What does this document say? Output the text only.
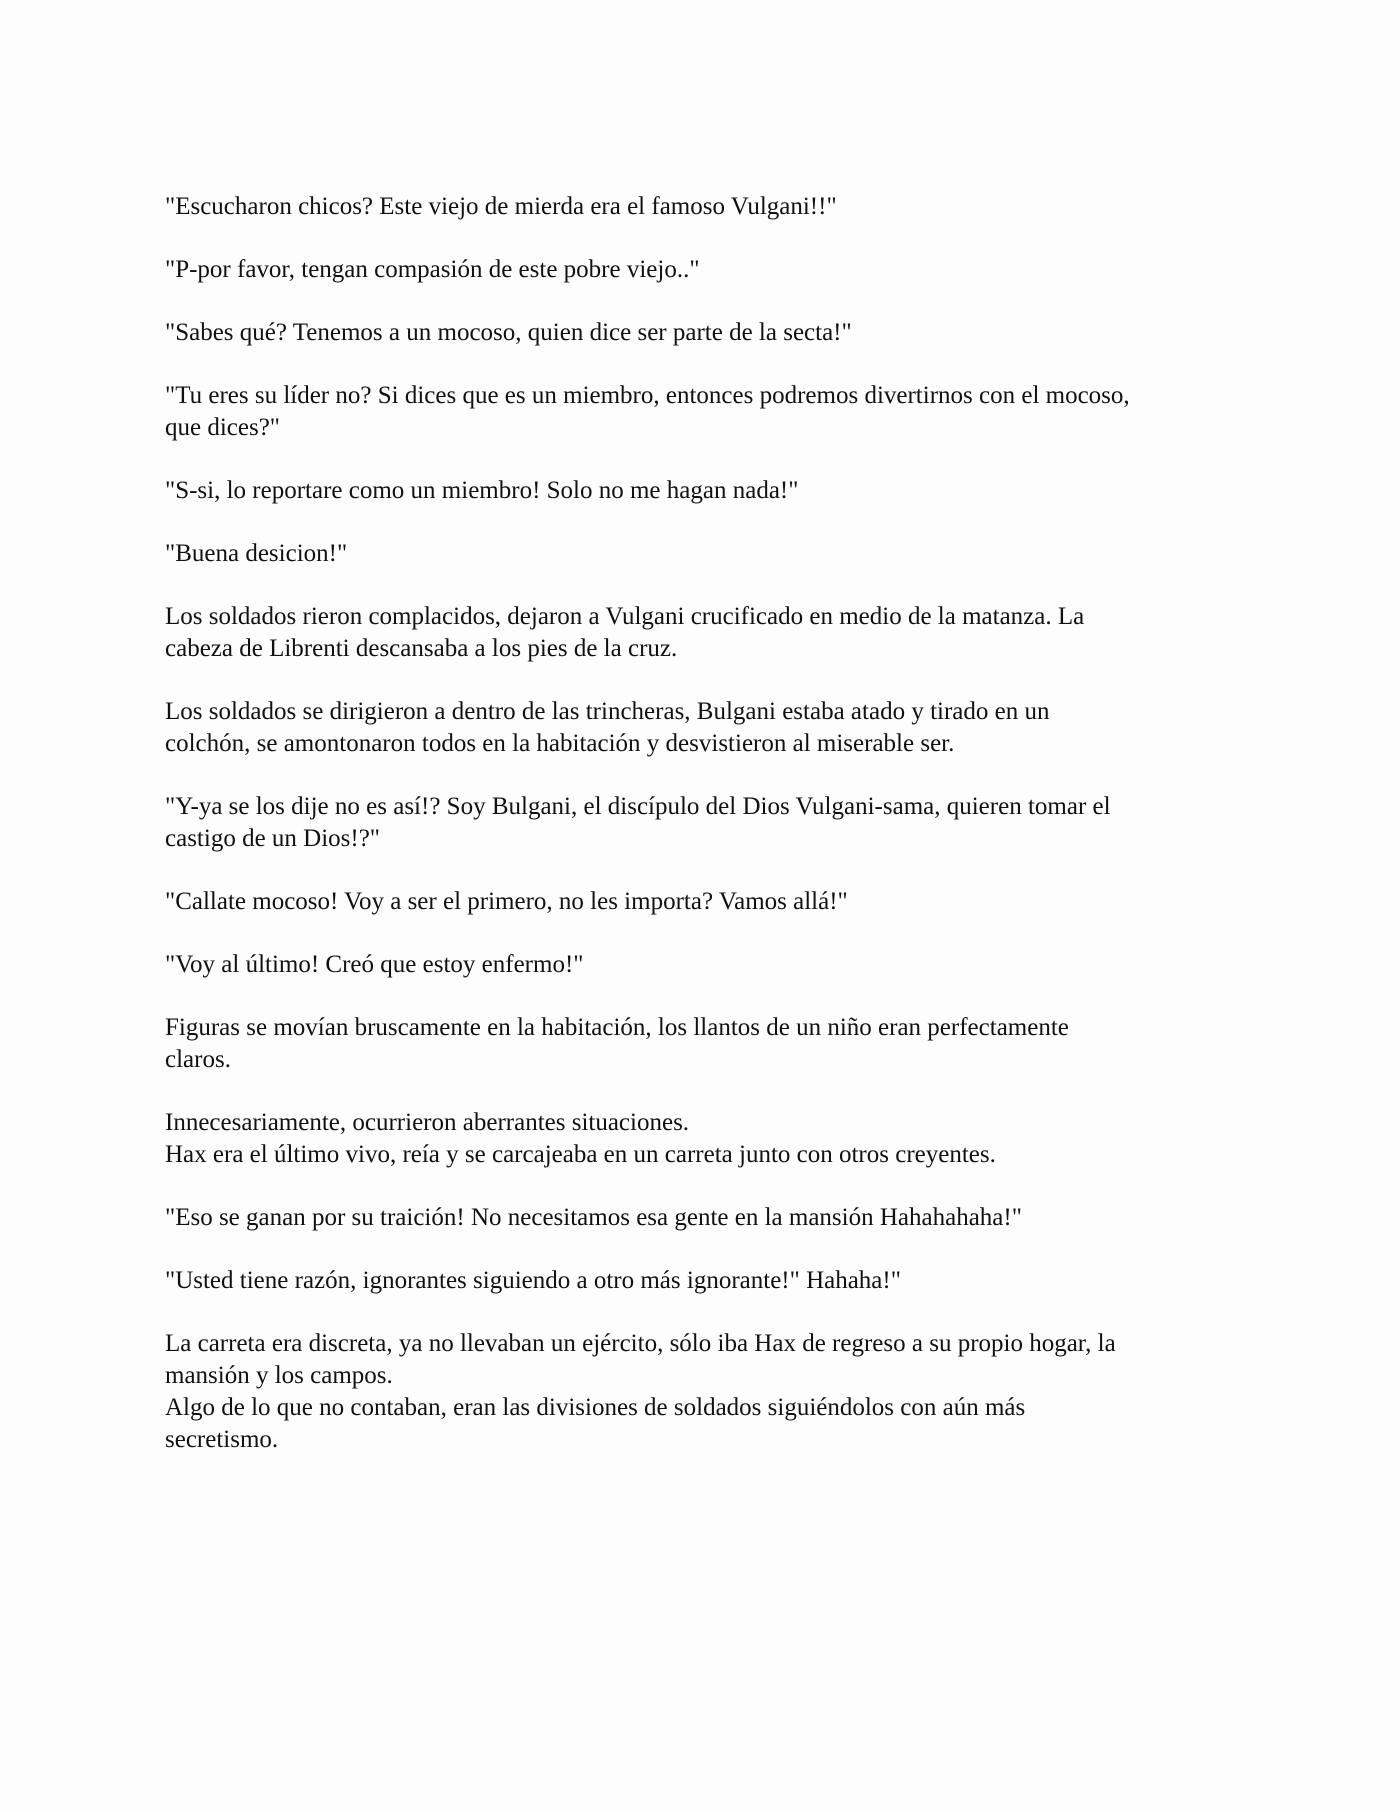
"Escucharon chicos? Este viejo de mierda era el famoso Vulgani!!"

"P-por favor, tengan compasión de este pobre viejo.."

"Sabes qué? Tenemos a un mocoso, quien dice ser parte de la secta!"

"Tu eres su líder no? Si dices que es un miembro, entonces podremos divertirnos con el mocoso,
que dices?"

"S-si, lo reportare como un miembro! Solo no me hagan nada!"

"Buena desicion!"

Los soldados rieron complacidos, dejaron a Vulgani crucificado en medio de la matanza. La
cabeza de Librenti descansaba a los pies de la cruz.

Los soldados se dirigieron a dentro de las trincheras, Bulgani estaba atado y tirado en un
colchón, se amontonaron todos en la habitación y desvistieron al miserable ser.

"Y-ya se los dije no es así!? Soy Bulgani, el discípulo del Dios Vulgani-sama, quieren tomar el
castigo de un Dios!?"

"Callate mocoso! Voy a ser el primero, no les importa? Vamos allá!"

"Voy al último! Creó que estoy enfermo!"

Figuras se movían bruscamente en la habitación, los llantos de un niño eran perfectamente
claros.

Innecesariamente, ocurrieron aberrantes situaciones.
Hax era el último vivo, reía y se carcajeaba en un carreta junto con otros creyentes.

"Eso se ganan por su traición! No necesitamos esa gente en la mansión Hahahahaha!"

"Usted tiene razón, ignorantes siguiendo a otro más ignorante!" Hahaha!"

La carreta era discreta, ya no llevaban un ejército, sólo iba Hax de regreso a su propio hogar, la
mansión y los campos.
Algo de lo que no contaban, eran las divisiones de soldados siguiéndolos con aún más
secretismo.
